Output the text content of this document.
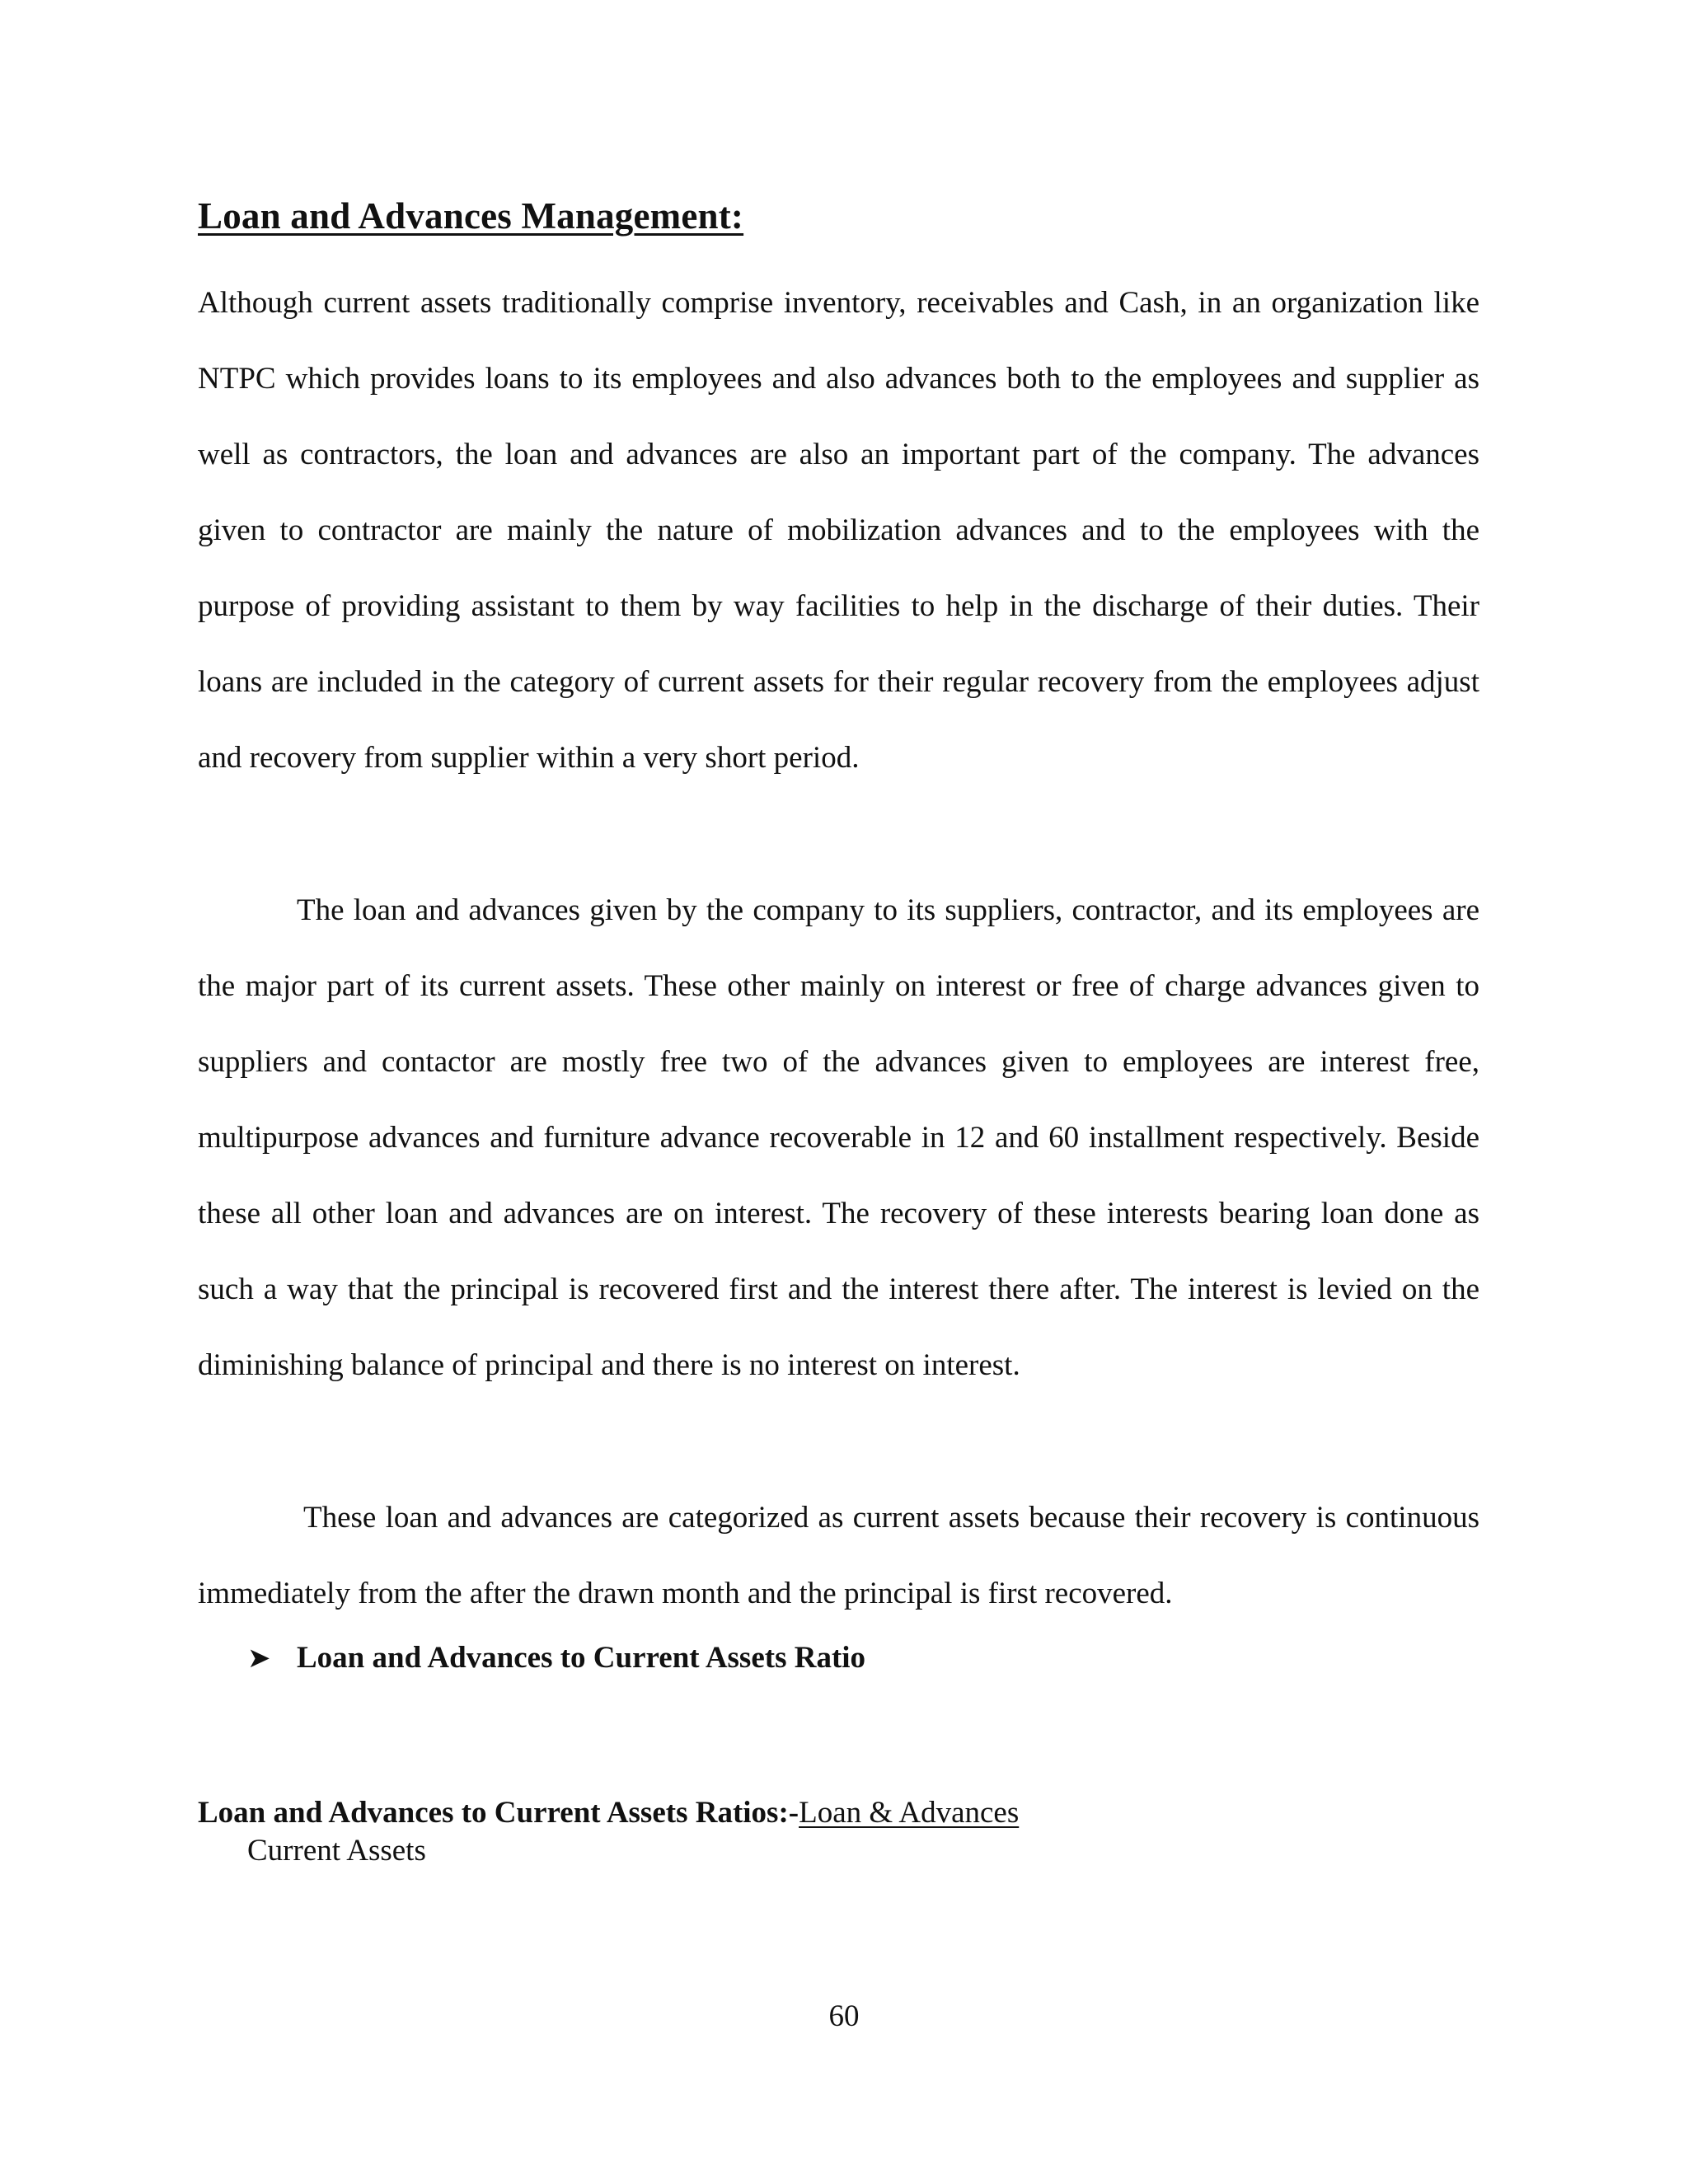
Loan and Advances Management:

Although current assets traditionally comprise inventory, receivables and Cash, in an organization like NTPC which provides loans to its employees and also advances both to the employees and supplier as well as contractors, the loan and advances are also an important part of the company. The advances given to contractor are mainly the nature of mobilization advances and to the employees with the purpose of providing assistant to them by way facilities to help in the discharge of their duties. Their loans are included in the category of current assets for their regular recovery from the employees adjust and recovery from supplier within a very short period.

The loan and advances given by the company to its suppliers, contractor, and its employees are the major part of its current assets. These other mainly on interest or free of charge advances given to suppliers and contactor are mostly free two of the advances given to employees are interest free, multipurpose advances and furniture advance recoverable in 12 and 60 installment respectively. Beside these all other loan and advances are on interest. The recovery of these interests bearing loan done as such a way that the principal is recovered first and the interest there after. The interest is levied on the diminishing balance of principal and there is no interest on interest.

These loan and advances are categorized as current assets because their recovery is continuous immediately from the after the drawn month and the principal is first recovered.

➤ Loan and Advances to Current Assets Ratio
Loan and Advances to Current Assets Ratios:-Loan & Advances
Current Assets
60
